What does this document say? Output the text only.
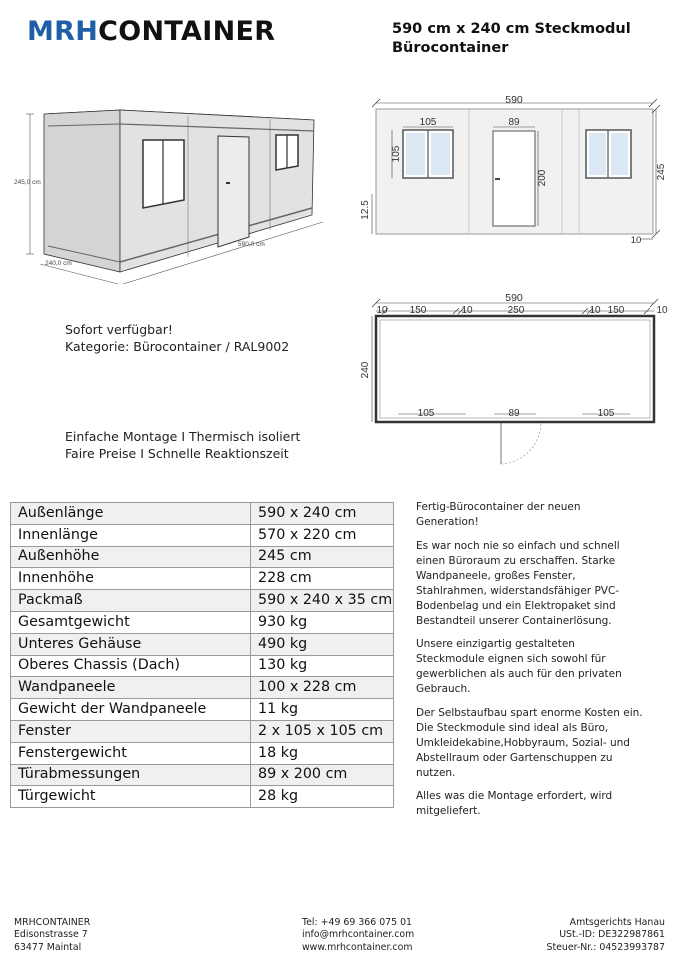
MRHCONTAINER	590 cm x 240 cm Steckmodul
Bürocontainer
245,0 cm
240,0 cm
590,0 cm
590
105
105
89
200	245
12.5
10
590
10 150	10	250	10 150	10
240
105	89	105
Sofort verfügbar!
Kategorie: Bürocontainer / RAL9002
Einfache Montage I Thermisch isoliert
Faire Preise I Schnelle Reaktionszeit
Außenlänge	590 x 240 cm
Innenlänge	570 x 220 cm
Außenhöhe	245 cm
Innenhöhe	228 cm
Packmaß	590 x 240 x 35 cm
Gesamtgewicht	930 kg
Unteres Gehäuse	490 kg
Oberes Chassis (Dach)	130 kg
Wandpaneele	100 x 228 cm
Gewicht der Wandpaneele	11 kg
Fenster	2 x 105 x 105 cm
Fenstergewicht	18 kg
Türabmessungen	89 x 200 cm
Türgewicht	28 kg

Fertig-Bürocontainer der neuen Generation!

Es war noch nie so einfach und schnell einen Büroraum zu erschaffen. Starke Wandpaneele, großes Fenster, Stahlrahmen, widerstandsfähiger PVC-Bodenbelag und ein Elektropaket sind Bestandteil unserer Containerlösung.

Unsere einzigartig gestalteten Steckmodule eignen sich sowohl für gewerblichen als auch für den privaten Gebrauch.

Der Selbstaufbau spart enorme Kosten ein. Die Steckmodule sind ideal als Büro, Umkleidekabine,Hobbyraum, Sozial- und Abstellraum oder Gartenschuppen zu nutzen.

Alles was die Montage erfordert, wird mitgeliefert.

MRHCONTAINER
Edisonstrasse 7
63477 Maintal
Tel: +49 69 366 075 01
info@mrhcontainer.com
www.mrhcontainer.com
Amtsgerichts Hanau
USt.-ID: DE322987861
Steuer-Nr.: 04523993787
